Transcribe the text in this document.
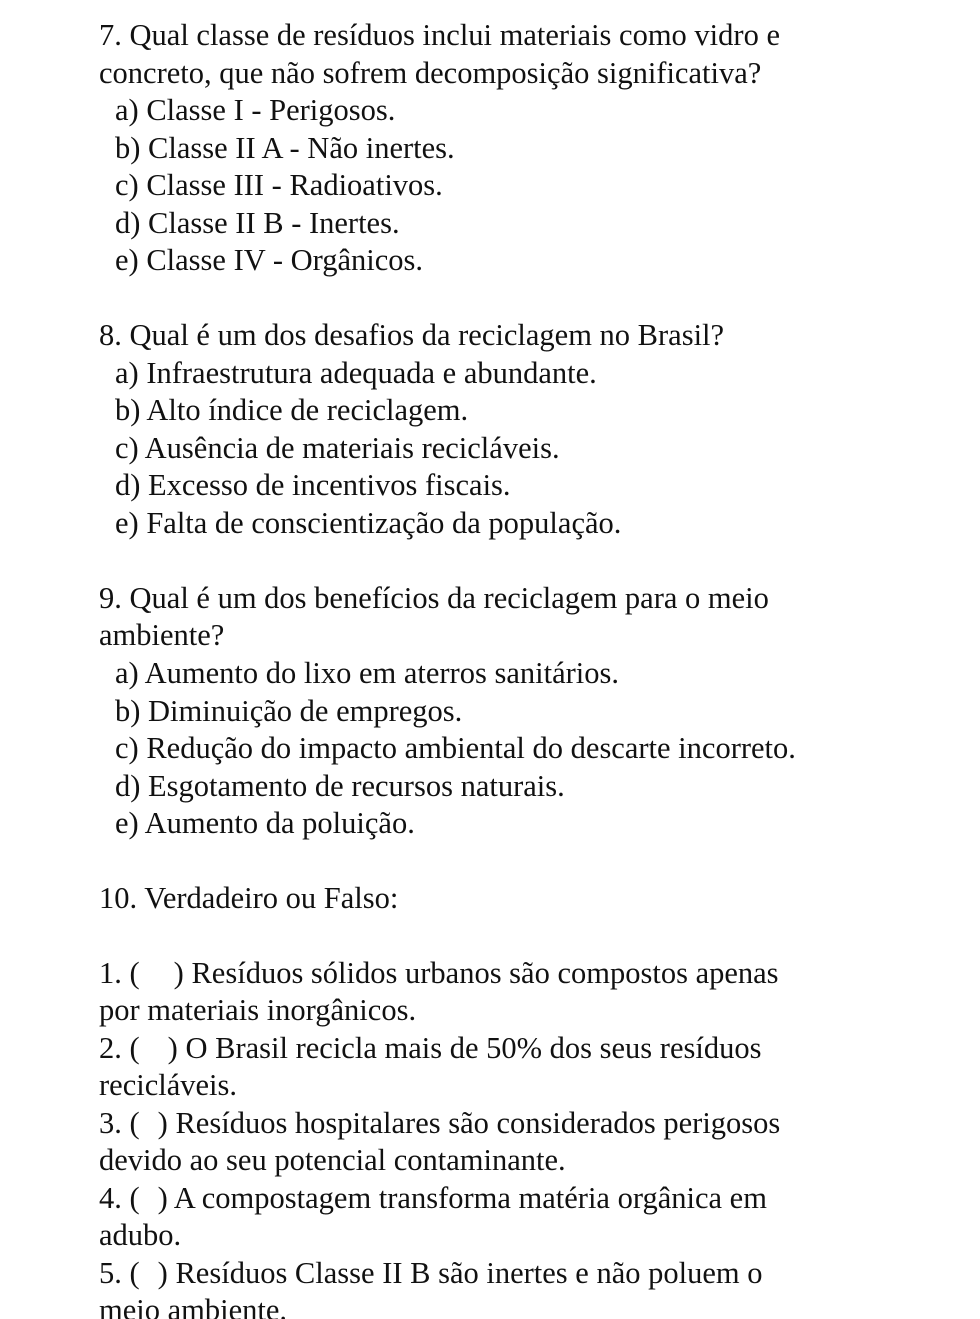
7. Qual classe de resíduos inclui materiais como vidro e
concreto, que não sofrem decomposição significativa?
a) Classe I - Perigosos.
b) Classe II A - Não inertes.
c) Classe III - Radioativos.
d) Classe II B - Inertes.
e) Classe IV - Orgânicos.
8. Qual é um dos desafios da reciclagem no Brasil?
a) Infraestrutura adequada e abundante.
b) Alto índice de reciclagem.
c) Ausência de materiais recicláveis.
d) Excesso de incentivos fiscais.
e) Falta de conscientização da população.
9. Qual é um dos benefícios da reciclagem para o meio
ambiente?
a) Aumento do lixo em aterros sanitários.
b) Diminuição de empregos.
c) Redução do impacto ambiental do descarte incorreto.
d) Esgotamento de recursos naturais.
e) Aumento da poluição.
10. Verdadeiro ou Falso:
1. ( ) Resíduos sólidos urbanos são compostos apenas
por materiais inorgânicos.
2. ( ) O Brasil recicla mais de 50% dos seus resíduos
recicláveis.
3. ( ) Resíduos hospitalares são considerados perigosos
devido ao seu potencial contaminante.
4. ( ) A compostagem transforma matéria orgânica em
adubo.
5. ( ) Resíduos Classe II B são inertes e não poluem o
meio ambiente.
